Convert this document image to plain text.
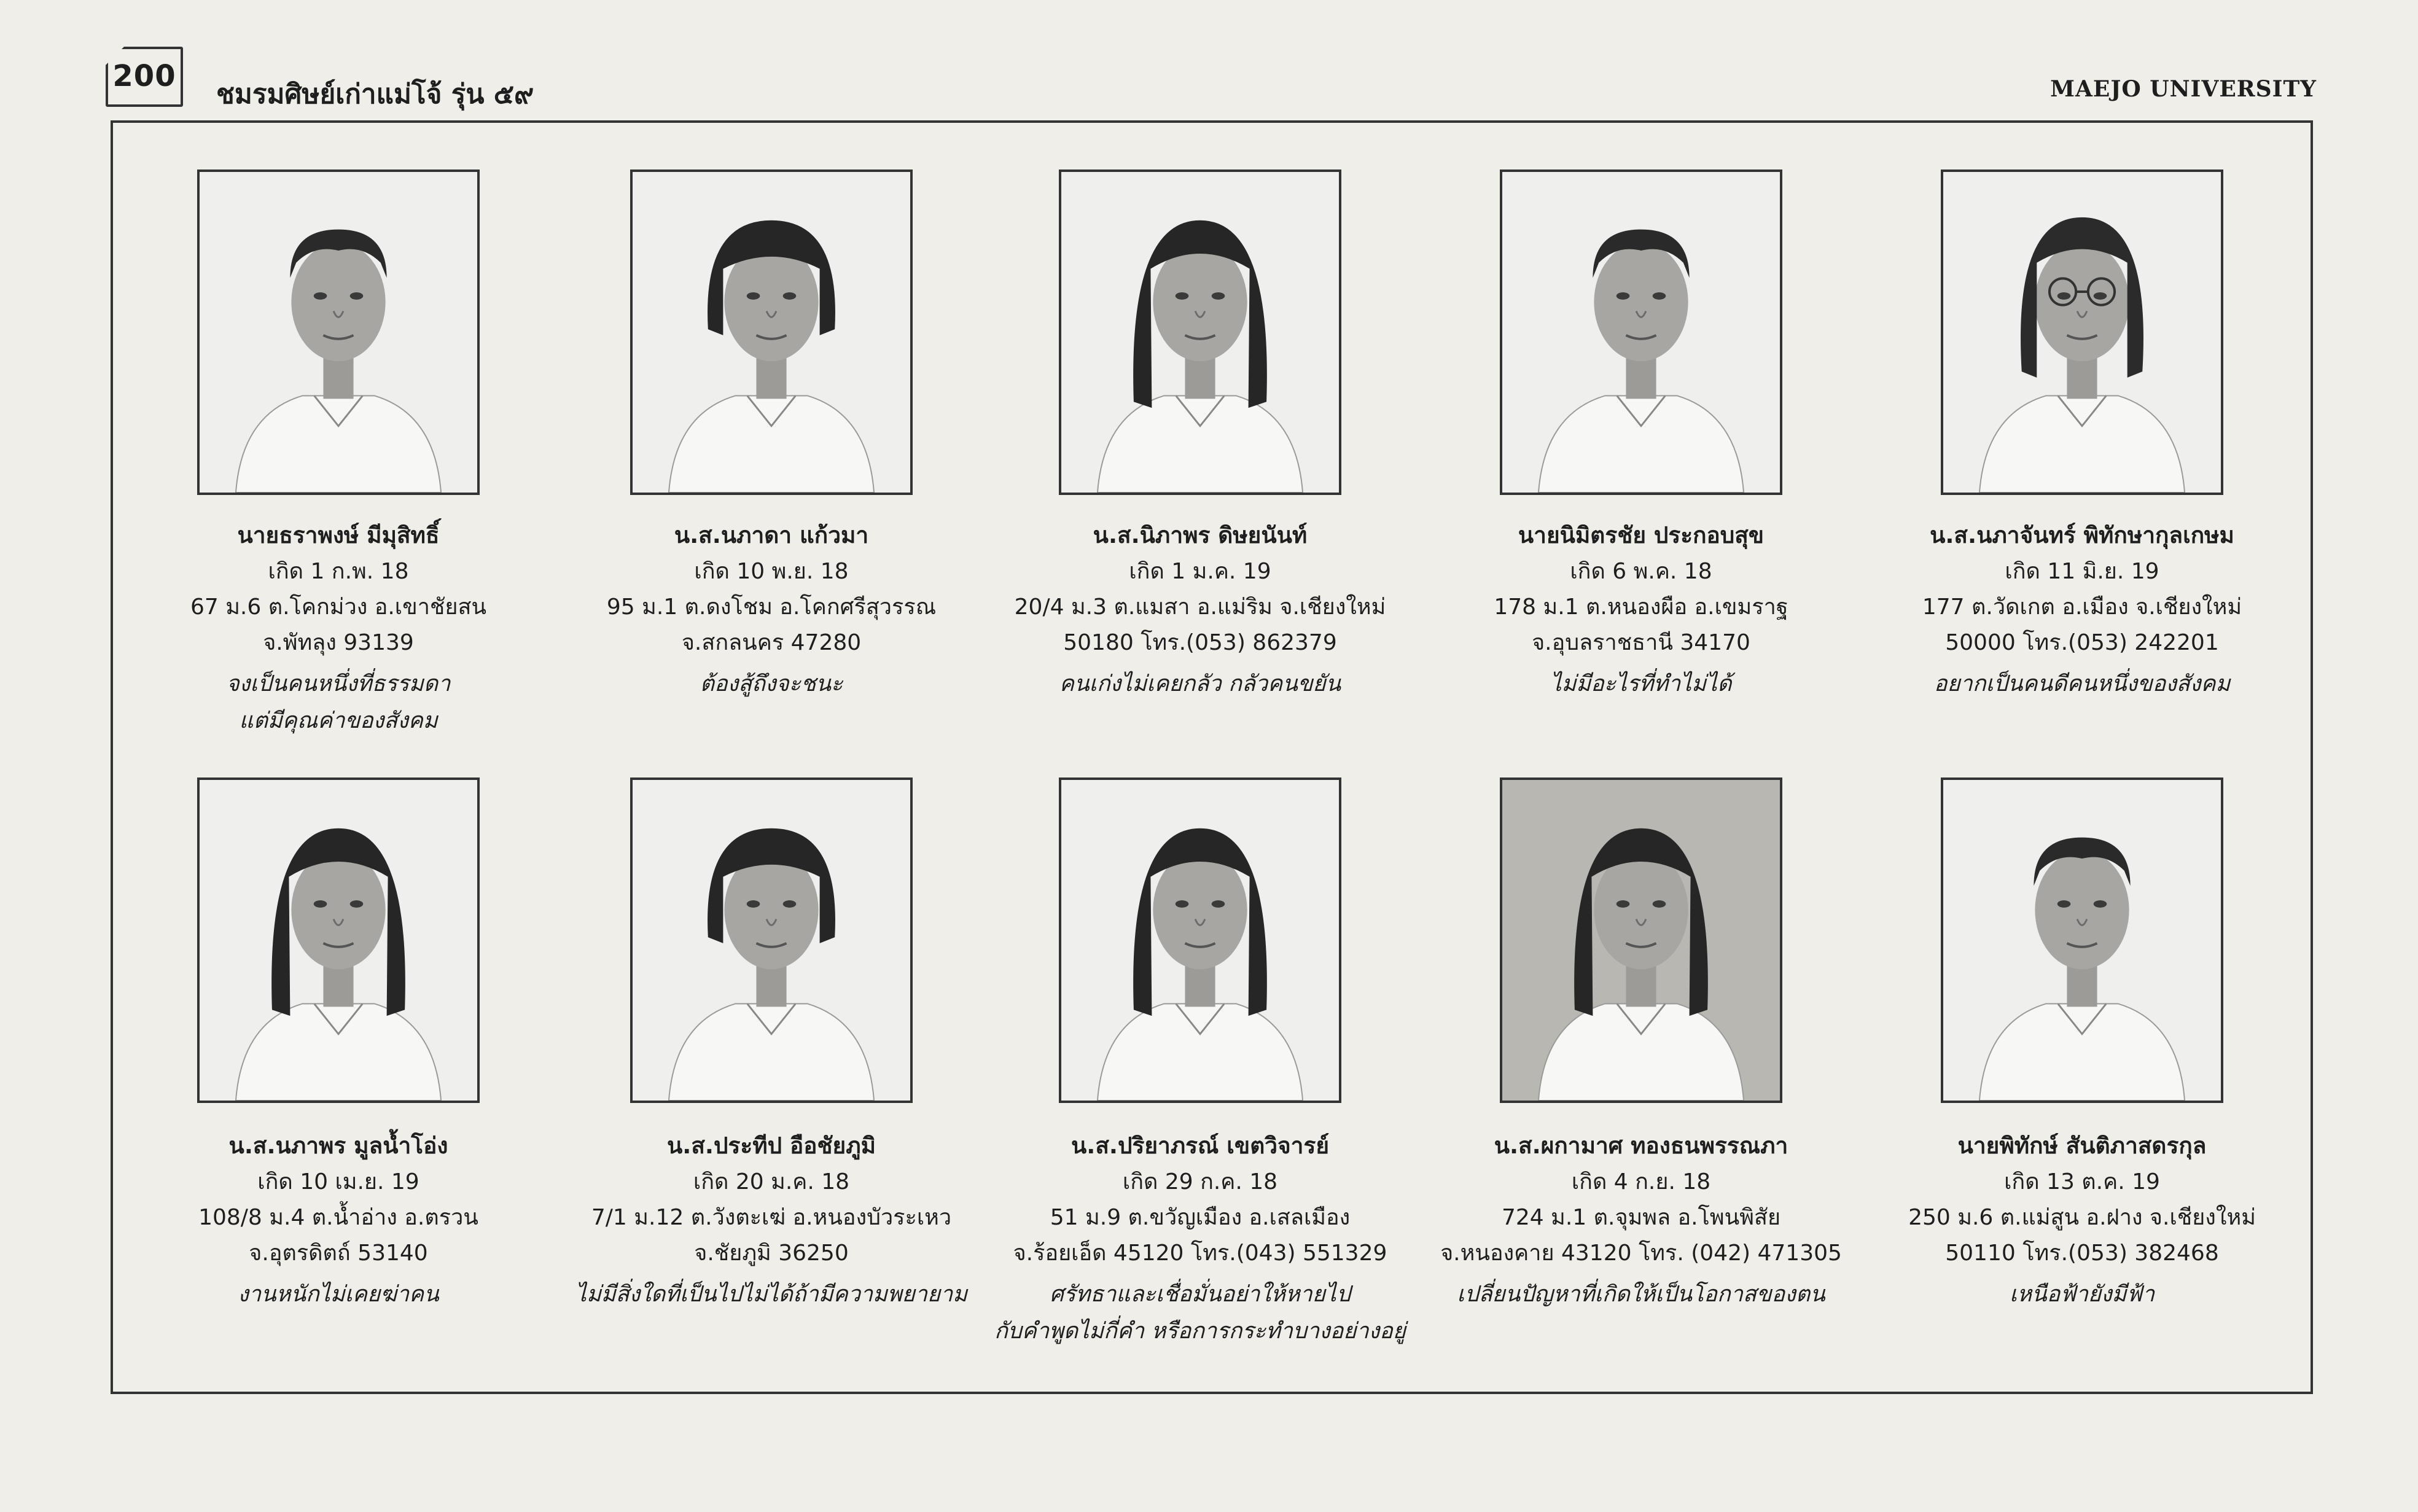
200
ชมรมศิษย์เก่าแม่โจ้ รุ่น ๕๙	MAEJO UNIVERSITY
นายธราพงษ์ มีมุสิทธิ์
เกิด 1 ก.พ. 18
67 ม.6 ต.โคกม่วง อ.เขาชัยสน
จ.พัทลุง 93139
จงเป็นคนหนึ่งที่ธรรมดา
แต่มีคุณค่าของสังคม
น.ส.นภาดา แก้วมา
เกิด 10 พ.ย. 18
95 ม.1 ต.ดงโชม อ.โคกศรีสุวรรณ
จ.สกลนคร 47280
ต้องสู้ถึงจะชนะ
น.ส.นิภาพร ดิษยนันท์
เกิด 1 ม.ค. 19
20/4 ม.3 ต.แมสา อ.แม่ริม จ.เชียงใหม่
50180 โทร.(053) 862379
คนเก่งไม่เคยกลัว กลัวคนขยัน
นายนิมิตรชัย ประกอบสุข
เกิด 6 พ.ค. 18
178 ม.1 ต.หนองผือ อ.เขมราฐ
จ.อุบลราชธานี 34170
ไม่มีอะไรที่ทำไม่ได้
น.ส.นภาจันทร์ พิทักษากุลเกษม
เกิด 11 มิ.ย. 19
177 ต.วัดเกต อ.เมือง จ.เชียงใหม่
50000 โทร.(053) 242201
อยากเป็นคนดีคนหนึ่งของสังคม
น.ส.นภาพร มูลน้ำโอ่ง
เกิด 10 เม.ย. 19
108/8 ม.4 ต.น้ำอ่าง อ.ตรวน
จ.อุตรดิตถ์ 53140
งานหนักไม่เคยฆ่าคน
น.ส.ประทีป อือชัยภูมิ
เกิด 20 ม.ค. 18
7/1 ม.12 ต.วังตะเฆ่ อ.หนองบัวระเหว
จ.ชัยภูมิ 36250
ไม่มีสิ่งใดที่เป็นไปไม่ได้ถ้ามีความพยายาม
น.ส.ปริยาภรณ์ เขตวิจารย์
เกิด 29 ก.ค. 18
51 ม.9 ต.ขวัญเมือง อ.เสลเมือง
จ.ร้อยเอ็ด 45120 โทร.(043) 551329
ศรัทธาและเชื่อมั่นอย่าให้หายไป
กับคำพูดไม่กี่คำ หรือการกระทำบางอย่างอยู่
น.ส.ผกามาศ ทองธนพรรณภา
เกิด 4 ก.ย. 18
724 ม.1 ต.จุมพล อ.โพนพิสัย
จ.หนองคาย 43120 โทร. (042) 471305
เปลี่ยนปัญหาที่เกิดให้เป็นโอกาสของตน
นายพิทักษ์ สันติภาสดรกุล
เกิด 13 ต.ค. 19
250 ม.6 ต.แม่สูน อ.ฝาง จ.เชียงใหม่
50110 โทร.(053) 382468
เหนือฟ้ายังมีฟ้า
